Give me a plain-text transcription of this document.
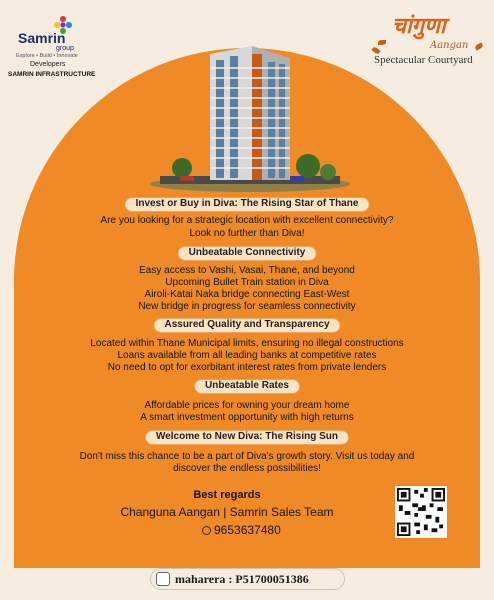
Samrin
group
Explore • Build • Innovate
Developers
SAMRIN INFRASTRUCTURE
चांगुणा
Aangan
Spectacular Courtyard
Invest or Buy in Diva: The Rising Star of Thane
Are you looking for a strategic location with excellent connectivity?
Look no further than Diva!
Unbeatable Connectivity
Easy access to Vashi, Vasai, Thane, and beyond
Upcoming Bullet Train station in Diva
Airoli-Katai Naka bridge connecting East-West
New bridge in progress for seamless connectivity
Assured Quality and Transparency
Located within Thane Municipal limits, ensuring no illegal constructions
Loans available from all leading banks at competitive rates
No need to opt for exorbitant interest rates from private lenders
Unbeatable Rates
Affordable prices for owning your dream home
A smart investment opportunity with high returns
Welcome to New Diva: The Rising Sun
Don't miss this chance to be a part of Diva's growth story. Visit us today and
discover the endless possibilities!
Best regards
Changuna Aangan | Samrin Sales Team
9653637480
maharera : P51700051386
